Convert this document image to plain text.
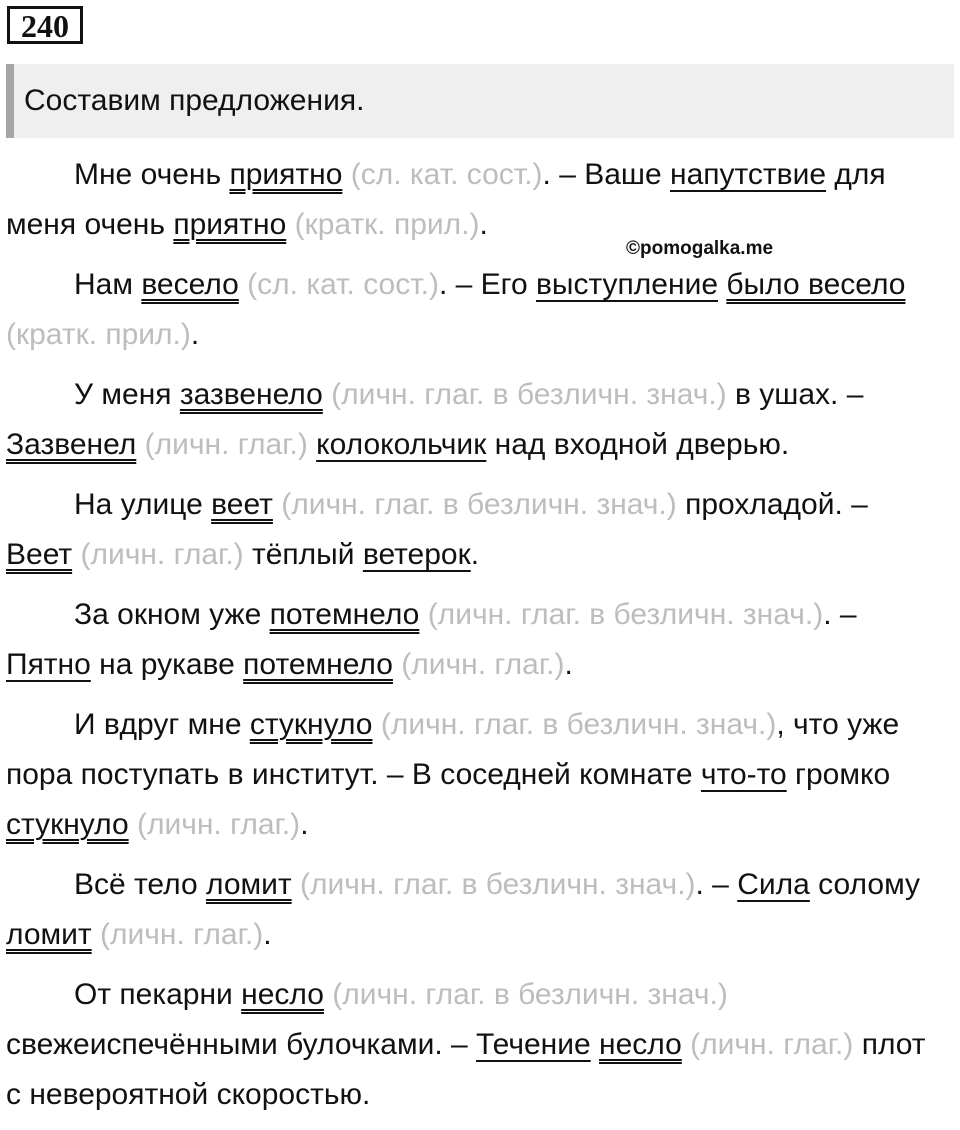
240
Составим предложения.

Мне очень приятно (сл. кат. сост.). – Ваше напутствие для меня очень приятно (кратк. прил.).

Нам весело (сл. кат. сост.). – Его выступление было весело (кратк. прил.).

У меня зазвенело (личн. глаг. в безличн. знач.) в ушах. – Зазвенел (личн. глаг.) колокольчик над входной дверью.

На улице веет (личн. глаг. в безличн. знач.) прохладой. – Веет (личн. глаг.) тёплый ветерок.

За окном уже потемнело (личн. глаг. в безличн. знач.). – Пятно на рукаве потемнело (личн. глаг.).

И вдруг мне стукнуло (личн. глаг. в безличн. знач.), что уже пора поступать в институт. – В соседней комнате что-то громко стукнуло (личн. глаг.).

Всё тело ломит (личн. глаг. в безличн. знач.). – Сила солому ломит (личн. глаг.).

От пекарни несло (личн. глаг. в безличн. знач.) свежеиспечёнными булочками. – Течение несло (личн. глаг.) плот с невероятной скоростью.

©pomogalka.me
